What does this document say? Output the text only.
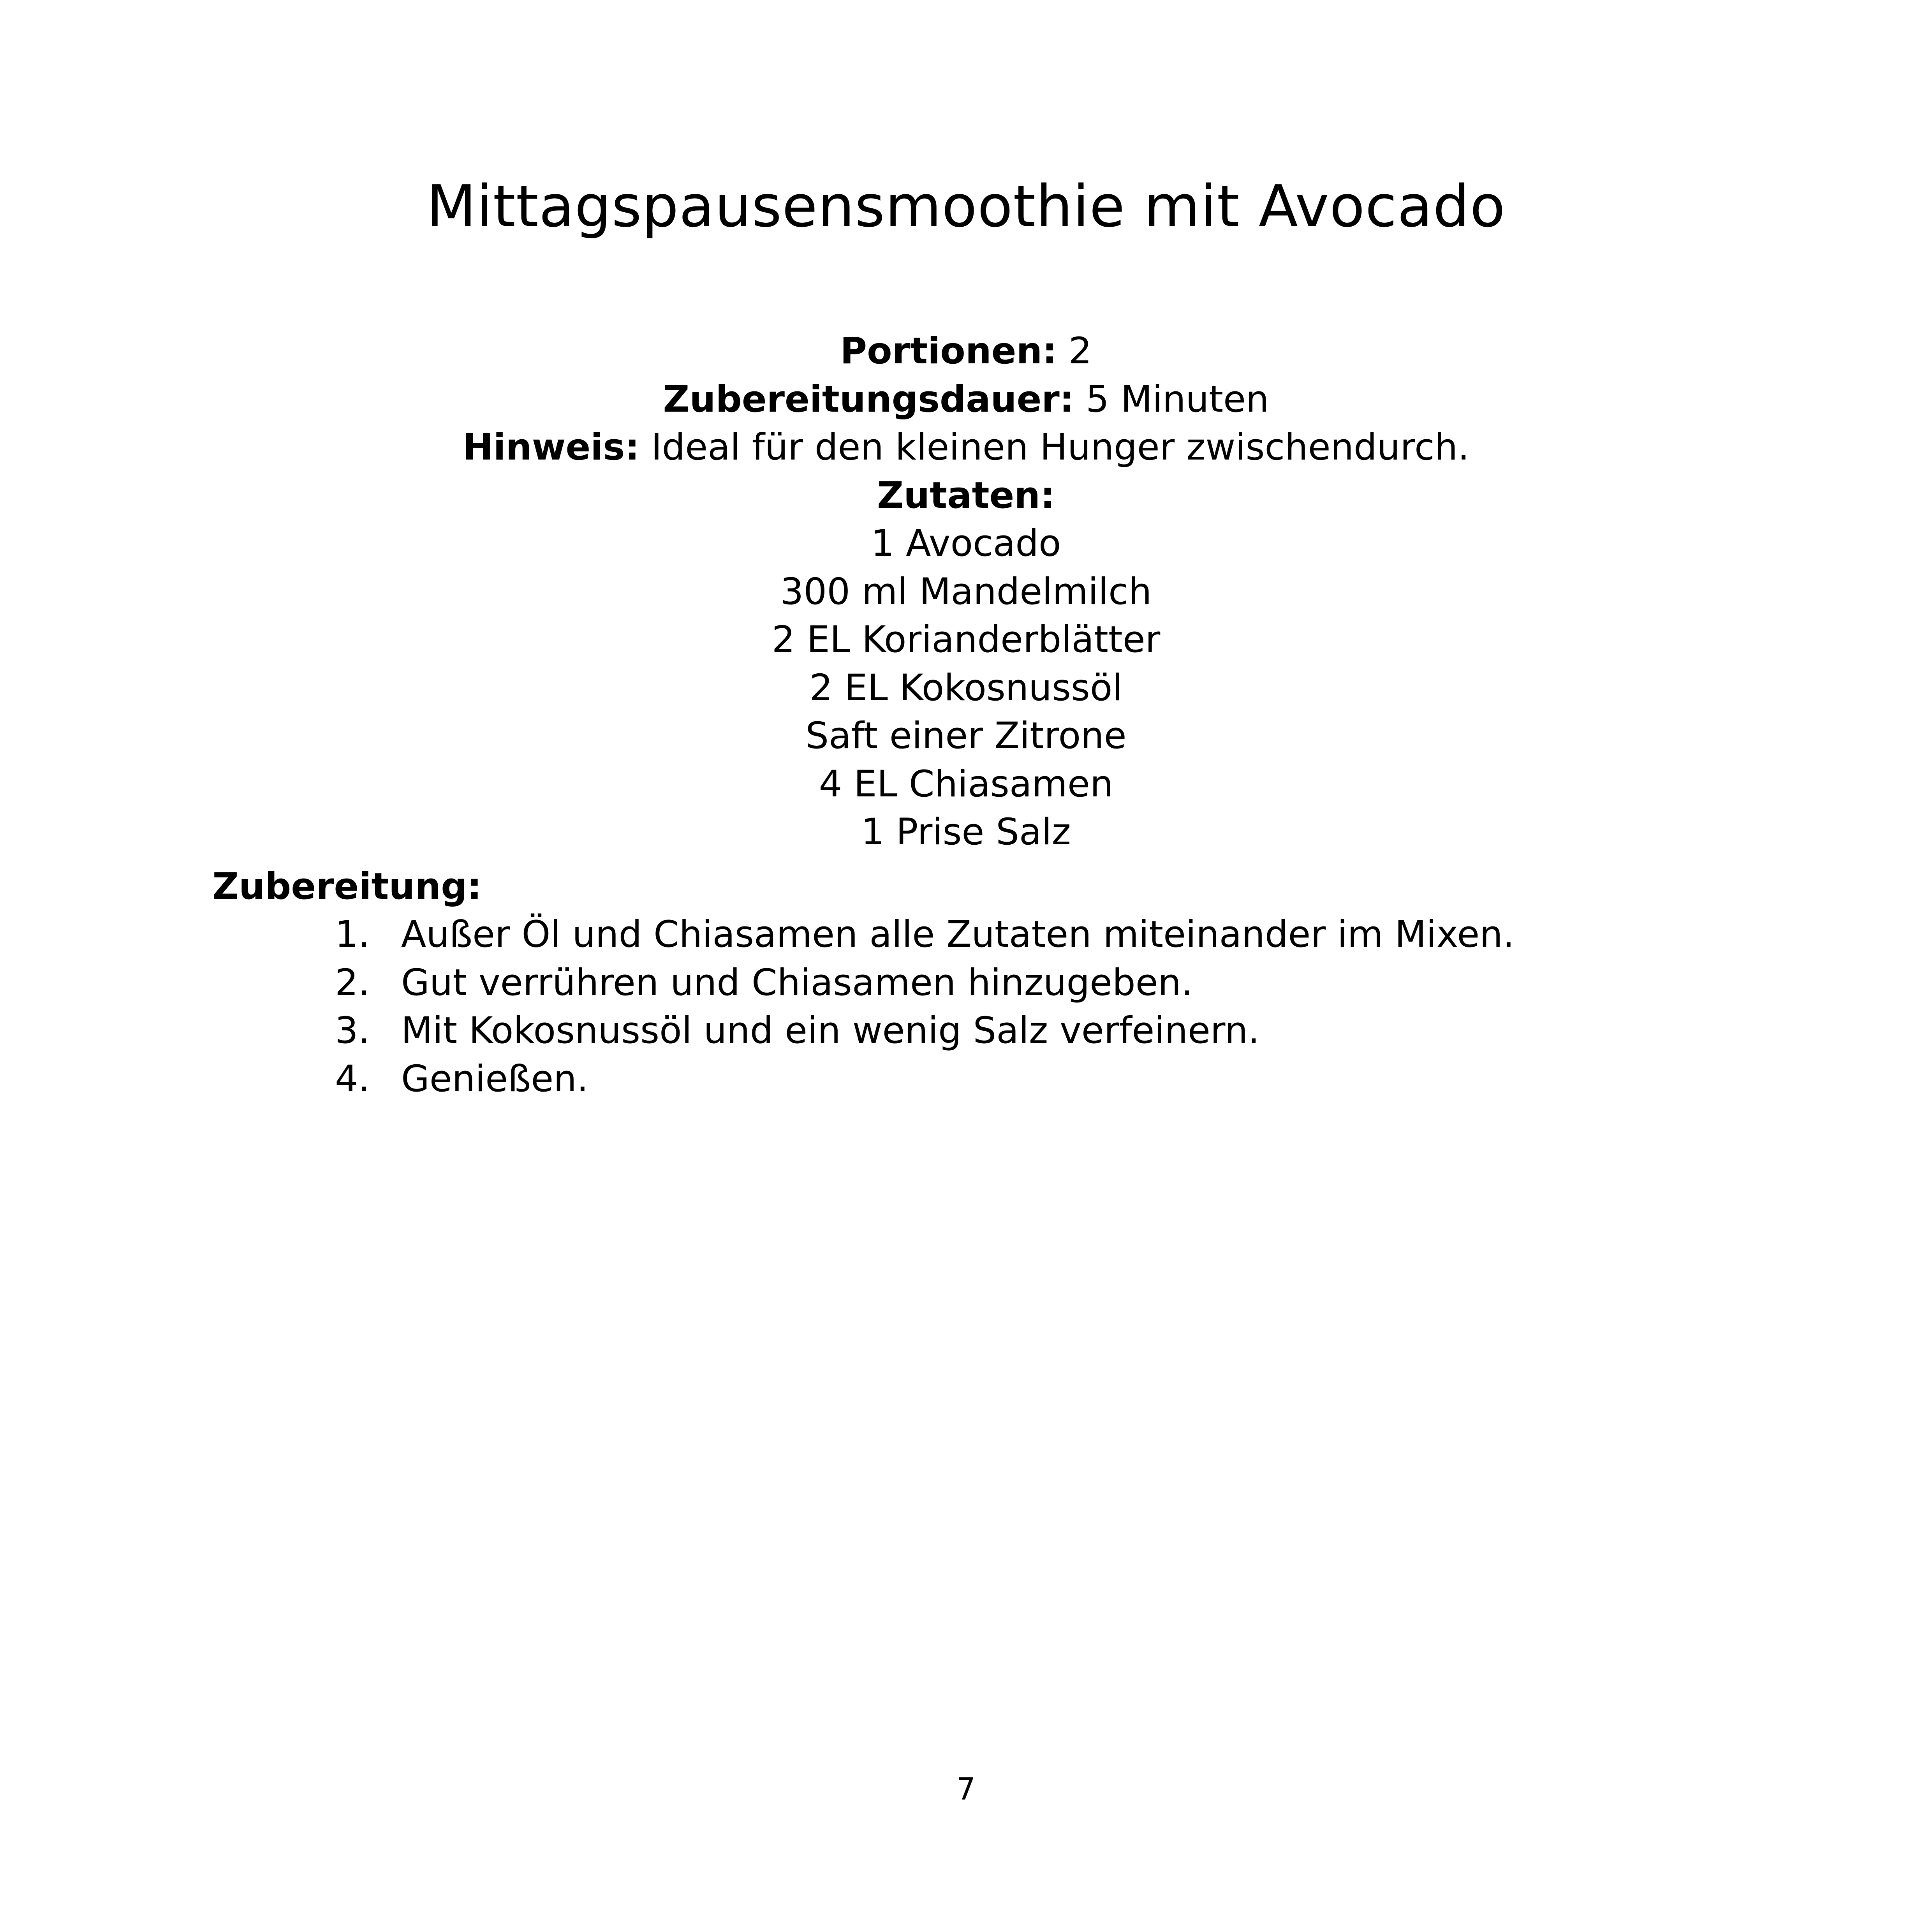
Mittagspausensmoothie mit Avocado
Portionen: 2
Zubereitungsdauer: 5 Minuten
Hinweis: Ideal für den kleinen Hunger zwischendurch.
Zutaten:
1 Avocado
300 ml Mandelmilch
2 EL Korianderblätter
2 EL Kokosnussöl
Saft einer Zitrone
4 EL Chiasamen
1 Prise Salz
Zubereitung:
1. Außer Öl und Chiasamen alle Zutaten miteinander im Mixen.
2. Gut verrühren und Chiasamen hinzugeben.
3. Mit Kokosnussöl und ein wenig Salz verfeinern.
4. Genießen.
7
